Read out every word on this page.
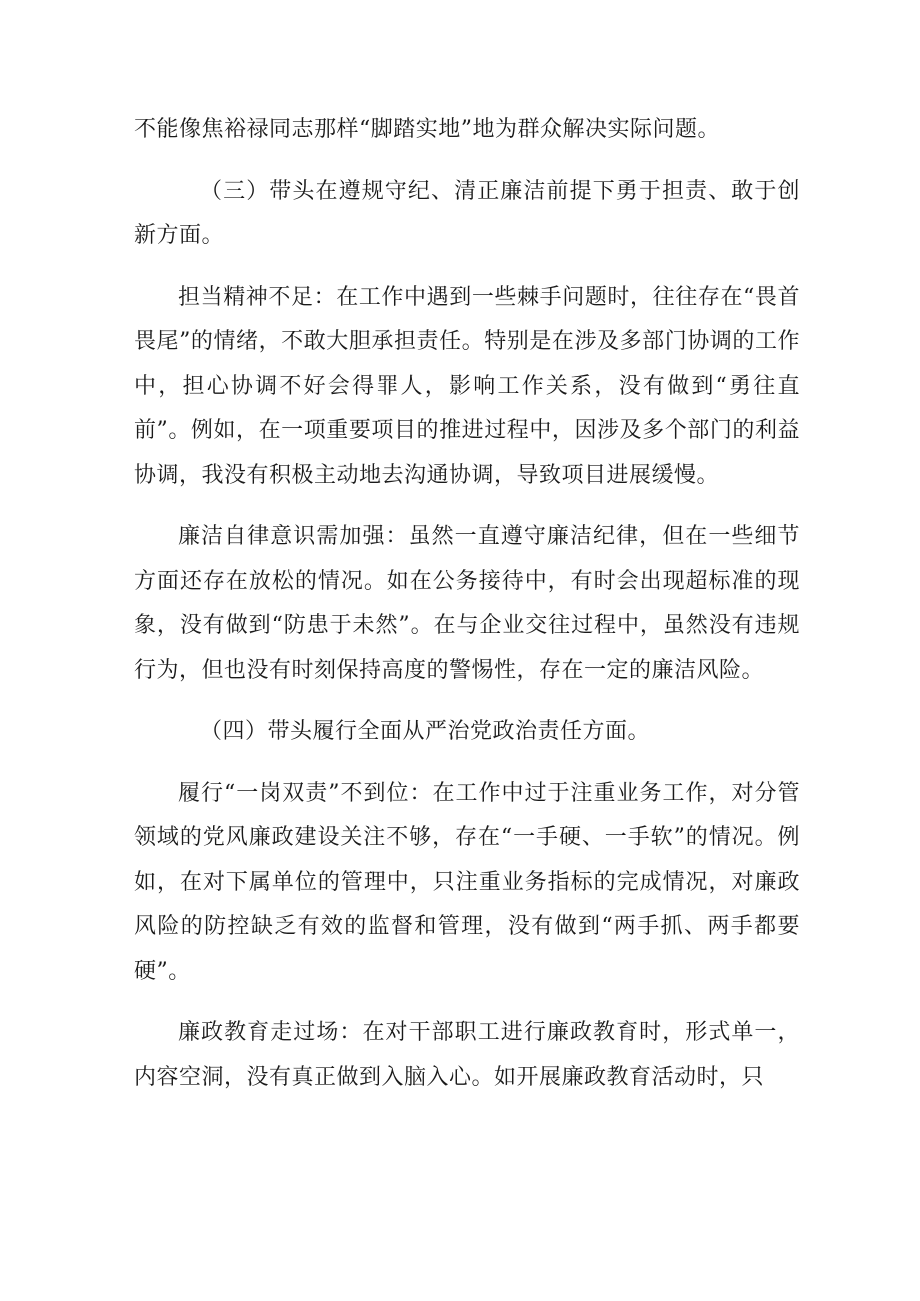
不能像焦裕禄同志那样“脚踏实地”地为群众解决实际问题。

（三）带头在遵规守纪、清正廉洁前提下勇于担责、敢于创新方面。

担当精神不足：在工作中遇到一些棘手问题时，往往存在“畏首畏尾”的情绪，不敢大胆承担责任。特别是在涉及多部门协调的工作中，担心协调不好会得罪人，影响工作关系，没有做到“勇往直前”。例如，在一项重要项目的推进过程中，因涉及多个部门的利益协调，我没有积极主动地去沟通协调，导致项目进展缓慢。

廉洁自律意识需加强：虽然一直遵守廉洁纪律，但在一些细节方面还存在放松的情况。如在公务接待中，有时会出现超标准的现象，没有做到“防患于未然”。在与企业交往过程中，虽然没有违规行为，但也没有时刻保持高度的警惕性，存在一定的廉洁风险。

（四）带头履行全面从严治党政治责任方面。

履行“一岗双责”不到位：在工作中过于注重业务工作，对分管领域的党风廉政建设关注不够，存在“一手硬、一手软”的情况。例如，在对下属单位的管理中，只注重业务指标的完成情况，对廉政风险的防控缺乏有效的监督和管理，没有做到“两手抓、两手都要硬”。

廉政教育走过场：在对干部职工进行廉政教育时，形式单一，内容空洞，没有真正做到入脑入心。如开展廉政教育活动时，只
